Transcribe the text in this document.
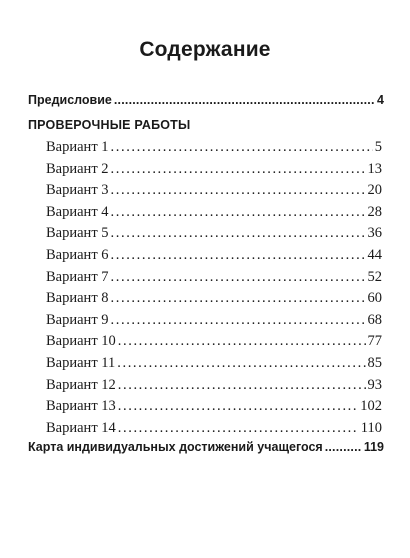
Содержание
Предисловие .....	4
ПРОВЕРОЧНЫЕ РАБОТЫ
Вариант 1 .....	5
Вариант 2 .....	13
Вариант 3 .....	20
Вариант 4 .....	28
Вариант 5 .....	36
Вариант 6 .....	44
Вариант 7 .....	52
Вариант 8 .....	60
Вариант 9 .....	68
Вариант 10 .....	77
Вариант 11 .....	85
Вариант 12 .....	93
Вариант 13 .....	102
Вариант 14 .....	110
Карта индивидуальных достижений учащегося .....	119
